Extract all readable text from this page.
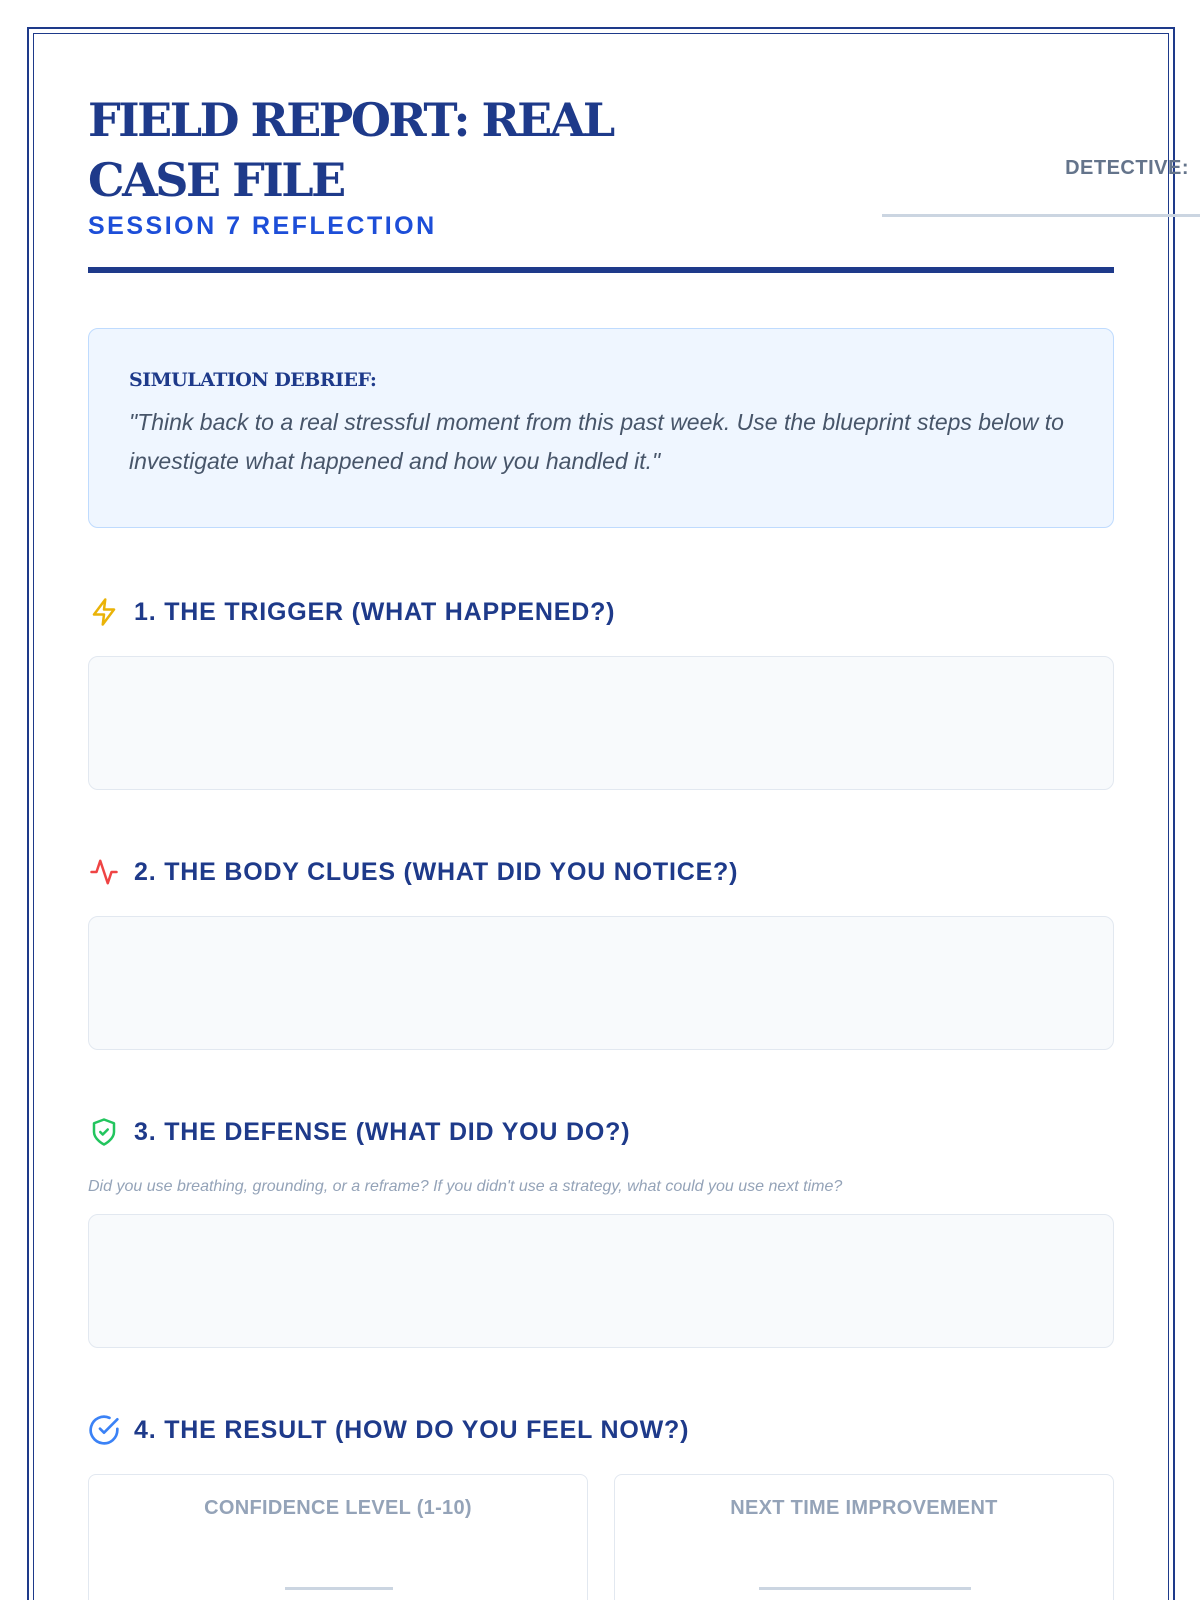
FIELD REPORT: REAL CASE FILE
SESSION 7 REFLECTION
DETECTIVE:
SIMULATION DEBRIEF:
"Think back to a real stressful moment from this past week. Use the blueprint steps below to investigate what happened and how you handled it."
1. THE TRIGGER (WHAT HAPPENED?)
2. THE BODY CLUES (WHAT DID YOU NOTICE?)
3. THE DEFENSE (WHAT DID YOU DO?)
Did you use breathing, grounding, or a reframe? If you didn't use a strategy, what could you use next time?
4. THE RESULT (HOW DO YOU FEEL NOW?)
CONFIDENCE LEVEL (1-10)	NEXT TIME IMPROVEMENT
